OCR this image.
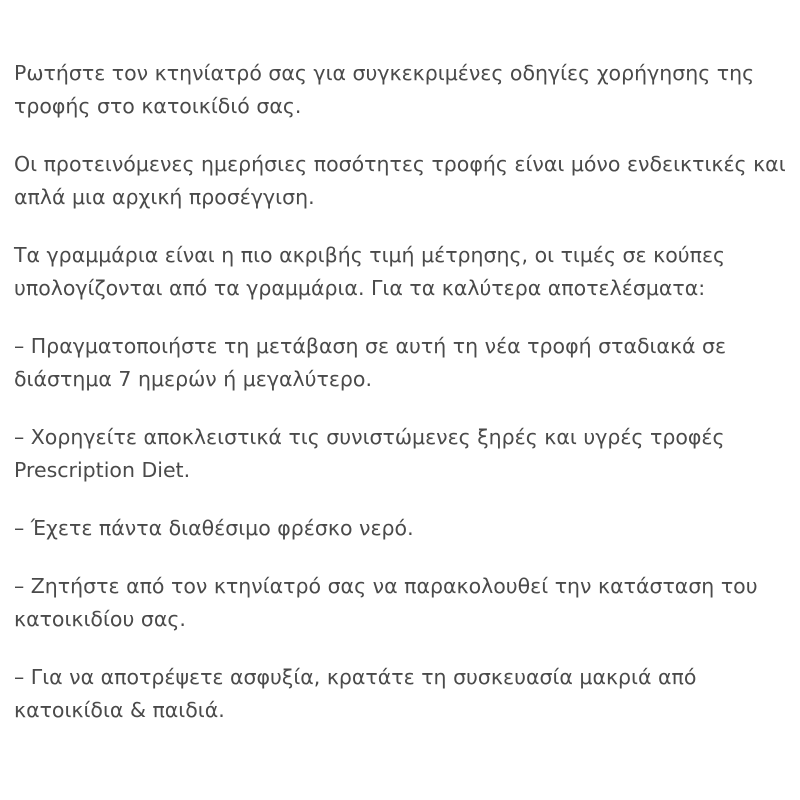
Ρωτήστε τον κτηνίατρό σας για συγκεκριμένες οδηγίες χορήγησης της τροφής στο κατοικίδιό σας.

Οι προτεινόμενες ημερήσιες ποσότητες τροφής είναι μόνο ενδεικτικές και απλά μια αρχική προσέγγιση.

Τα γραμμάρια είναι η πιο ακριβής τιμή μέτρησης, οι τιμές σε κούπες υπολογίζονται από τα γραμμάρια. Για τα καλύτερα αποτελέσματα:

– Πραγματοποιήστε τη μετάβαση σε αυτή τη νέα τροφή σταδιακά σε διάστημα 7 ημερών ή μεγαλύτερο.

– Χορηγείτε αποκλειστικά τις συνιστώμενες ξηρές και υγρές τροφές Prescription Diet.

– Έχετε πάντα διαθέσιμο φρέσκο νερό.

– Ζητήστε από τον κτηνίατρό σας να παρακολουθεί την κατάσταση του κατοικιδίου σας.

– Για να αποτρέψετε ασφυξία, κρατάτε τη συσκευασία μακριά από κατοικίδια & παιδιά.
